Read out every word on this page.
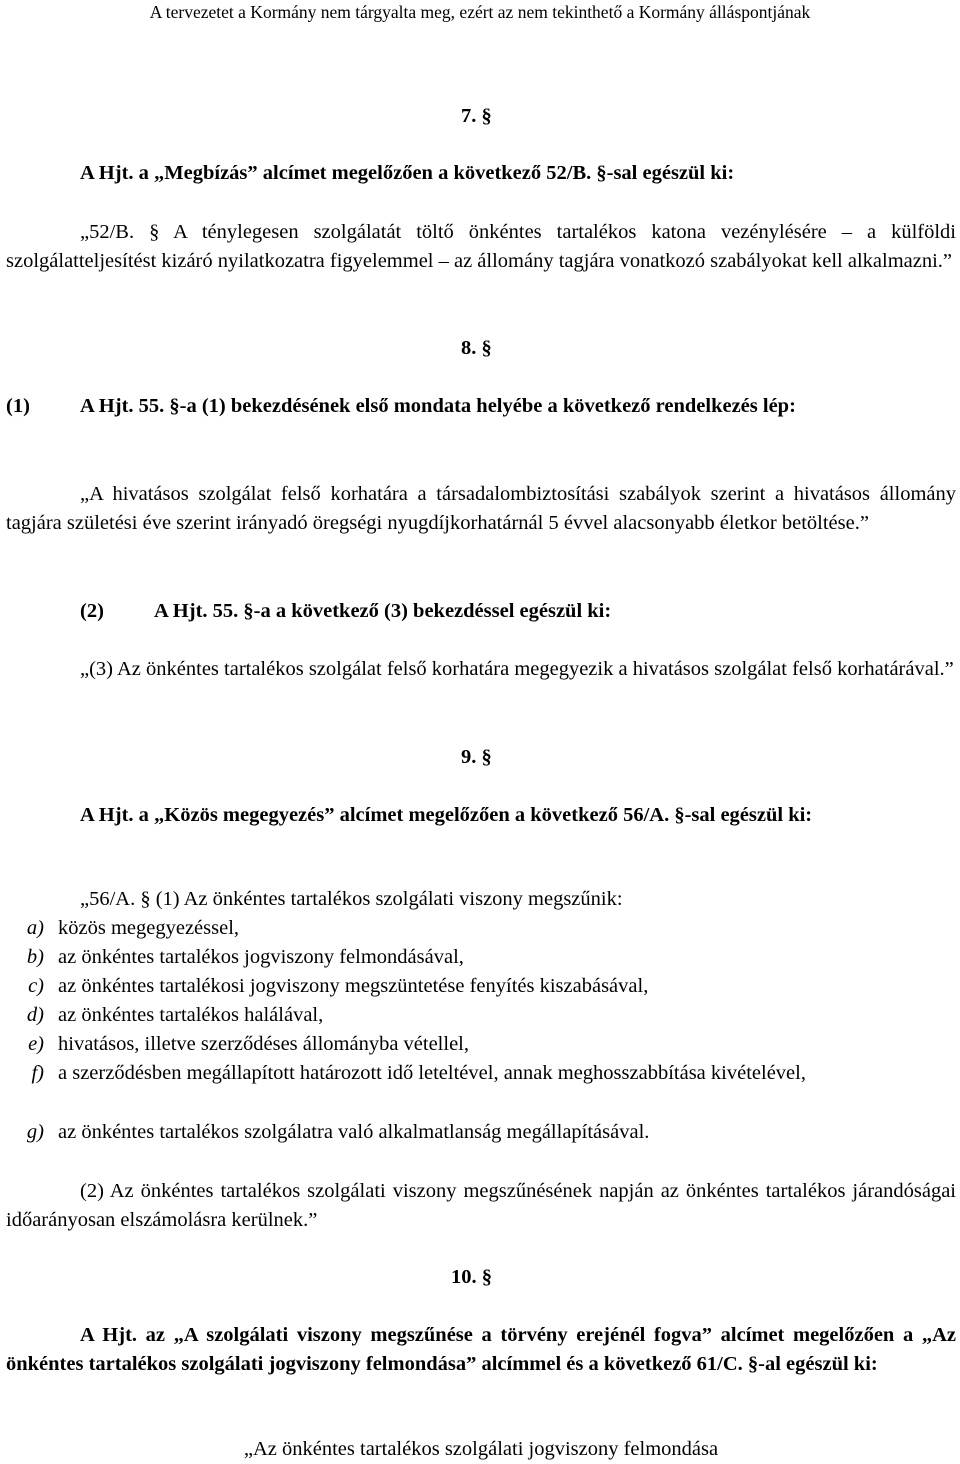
A tervezetet a Kormány nem tárgyalta meg, ezért az nem tekinthető a Kormány álláspontjának
7. §
A Hjt. a „Megbízás” alcímet megelőzően a következő 52/B. §-sal egészül ki:
„52/B. § A ténylegesen szolgálatát töltő önkéntes tartalékos katona vezénylésére – a külföldi szolgálatteljesítést kizáró nyilatkozatra figyelemmel – az állomány tagjára vonatkozó szabályokat kell alkalmazni.”
8. §
(1) A Hjt. 55. §-a (1) bekezdésének első mondata helyébe a következő rendelkezés lép:
„A hivatásos szolgálat felső korhatára a társadalombiztosítási szabályok szerint a hivatásos állomány tagjára születési éve szerint irányadó öregségi nyugdíjkorhatárnál 5 évvel alacsonyabb életkor betöltése.”
(2) A Hjt. 55. §-a a következő (3) bekezdéssel egészül ki:
„(3) Az önkéntes tartalékos szolgálat felső korhatára megegyezik a hivatásos szolgálat felső korhatárával.”
9. §
A Hjt. a „Közös megegyezés” alcímet megelőzően a következő 56/A. §-sal egészül ki:
„56/A. § (1) Az önkéntes tartalékos szolgálati viszony megszűnik:
a) közös megegyezéssel,
b) az önkéntes tartalékos jogviszony felmondásával,
c) az önkéntes tartalékosi jogviszony megszüntetése fenyítés kiszabásával,
d) az önkéntes tartalékos halálával,
e) hivatásos, illetve szerződéses állományba vétellel,
f) a szerződésben megállapított határozott idő leteltével, annak meghosszabbítása kivételével,
g) az önkéntes tartalékos szolgálatra való alkalmatlanság megállapításával.
(2) Az önkéntes tartalékos szolgálati viszony megszűnésének napján az önkéntes tartalékos járandóságai időarányosan elszámolásra kerülnek.”
10. §
A Hjt. az „A szolgálati viszony megszűnése a törvény erejénél fogva” alcímet megelőzően a „Az önkéntes tartalékos szolgálati jogviszony felmondása” alcímmel és a következő 61/C. §-al egészül ki:
„Az önkéntes tartalékos szolgálati jogviszony felmondása
